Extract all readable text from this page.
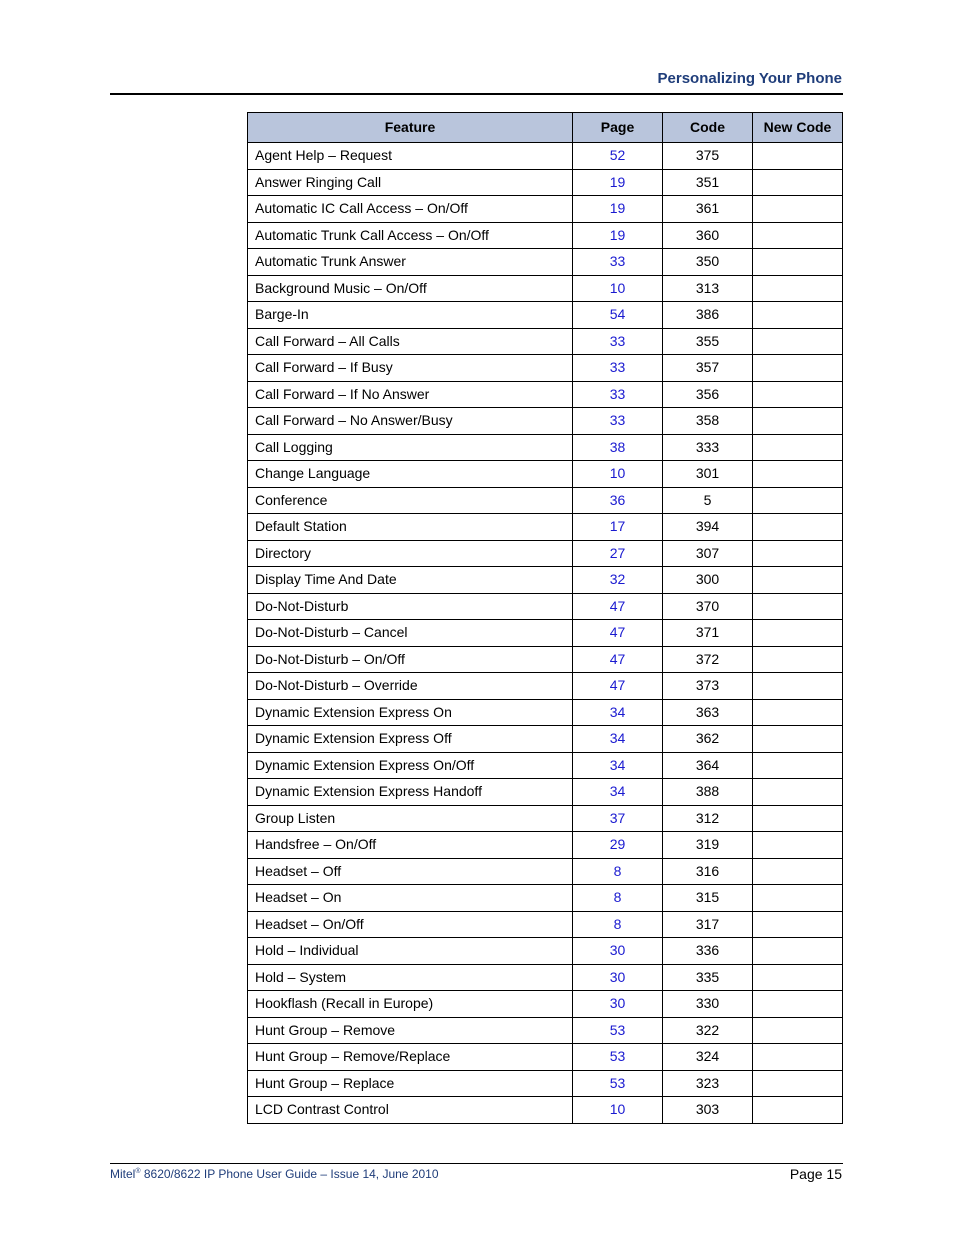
Personalizing Your Phone
Feature	Page	Code	New Code
Agent Help – Request	52	375	
Answer Ringing Call	19	351	
Automatic IC Call Access – On/Off	19	361	
Automatic Trunk Call Access – On/Off	19	360	
Automatic Trunk Answer	33	350	
Background Music – On/Off	10	313	
Barge-In	54	386	
Call Forward – All Calls	33	355	
Call Forward – If Busy	33	357	
Call Forward – If No Answer	33	356	
Call Forward – No Answer/Busy	33	358	
Call Logging	38	333	
Change Language	10	301	
Conference	36	5	
Default Station	17	394	
Directory	27	307	
Display Time And Date	32	300	
Do-Not-Disturb	47	370	
Do-Not-Disturb – Cancel	47	371	
Do-Not-Disturb – On/Off	47	372	
Do-Not-Disturb – Override	47	373	
Dynamic Extension Express On	34	363	
Dynamic Extension Express Off	34	362	
Dynamic Extension Express On/Off	34	364	
Dynamic Extension Express Handoff	34	388	
Group Listen	37	312	
Handsfree – On/Off	29	319	
Headset – Off	8	316	
Headset – On	8	315	
Headset – On/Off	8	317	
Hold – Individual	30	336	
Hold – System	30	335	
Hookflash (Recall in Europe)	30	330	
Hunt Group – Remove	53	322	
Hunt Group – Remove/Replace	53	324	
Hunt Group – Replace	53	323	
LCD Contrast Control	10	303	
Mitel® 8620/8622 IP Phone User Guide – Issue 14, June 2010	Page 15
